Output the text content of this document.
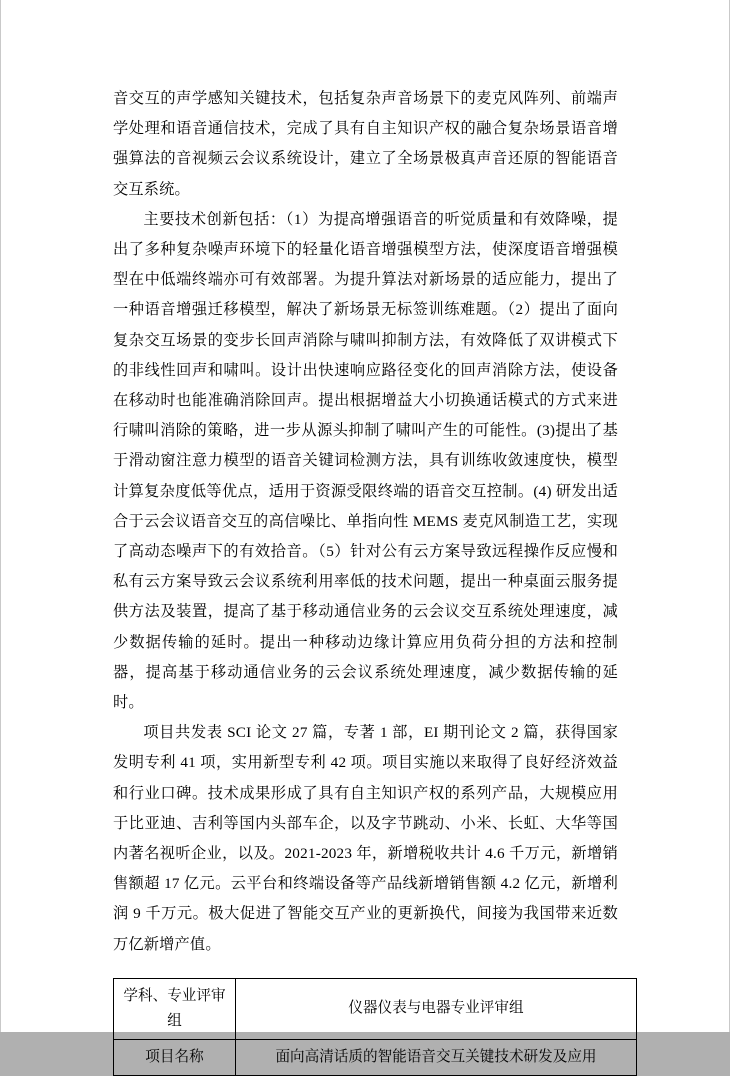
音交互的声学感知关键技术，包括复杂声音场景下的麦克风阵列、前端声学处理和语音通信技术，完成了具有自主知识产权的融合复杂场景语音增强算法的音视频云会议系统设计，建立了全场景极真声音还原的智能语音交互系统。

主要技术创新包括：（1）为提高增强语音的听觉质量和有效降噪，提出了多种复杂噪声环境下的轻量化语音增强模型方法，使深度语音增强模型在中低端终端亦可有效部署。为提升算法对新场景的适应能力，提出了一种语音增强迁移模型，解决了新场景无标签训练难题。（2）提出了面向复杂交互场景的变步长回声消除与啸叫抑制方法，有效降低了双讲模式下的非线性回声和啸叫。设计出快速响应路径变化的回声消除方法，使设备在移动时也能准确消除回声。提出根据增益大小切换通话模式的方式来进行啸叫消除的策略，进一步从源头抑制了啸叫产生的可能性。(3)提出了基于滑动窗注意力模型的语音关键词检测方法，具有训练收敛速度快，模型计算复杂度低等优点，适用于资源受限终端的语音交互控制。(4) 研发出适合于云会议语音交互的高信噪比、单指向性 MEMS 麦克风制造工艺，实现了高动态噪声下的有效拾音。（5）针对公有云方案导致远程操作反应慢和私有云方案导致云会议系统利用率低的技术问题，提出一种桌面云服务提供方法及装置，提高了基于移动通信业务的云会议交互系统处理速度，减少数据传输的延时。提出一种移动边缘计算应用负荷分担的方法和控制器，提高基于移动通信业务的云会议系统处理速度，减少数据传输的延时。

项目共发表 SCI 论文 27 篇，专著 1 部，EI 期刊论文 2 篇，获得国家发明专利 41 项，实用新型专利 42 项。项目实施以来取得了良好经济效益和行业口碑。技术成果形成了具有自主知识产权的系列产品，大规模应用于比亚迪、吉利等国内头部车企，以及字节跳动、小米、长虹、大华等国内著名视听企业，以及。2021-2023 年，新增税收共计 4.6 千万元，新增销售额超 17 亿元。云平台和终端设备等产品线新增销售额 4.2 亿元，新增利润 9 千万元。极大促进了智能交互产业的更新换代，间接为我国带来近数万亿新增产值。

学科、专业评审组	仪器仪表与电器专业评审组
项目名称	面向高清话质的智能语音交互关键技术研发及应用
